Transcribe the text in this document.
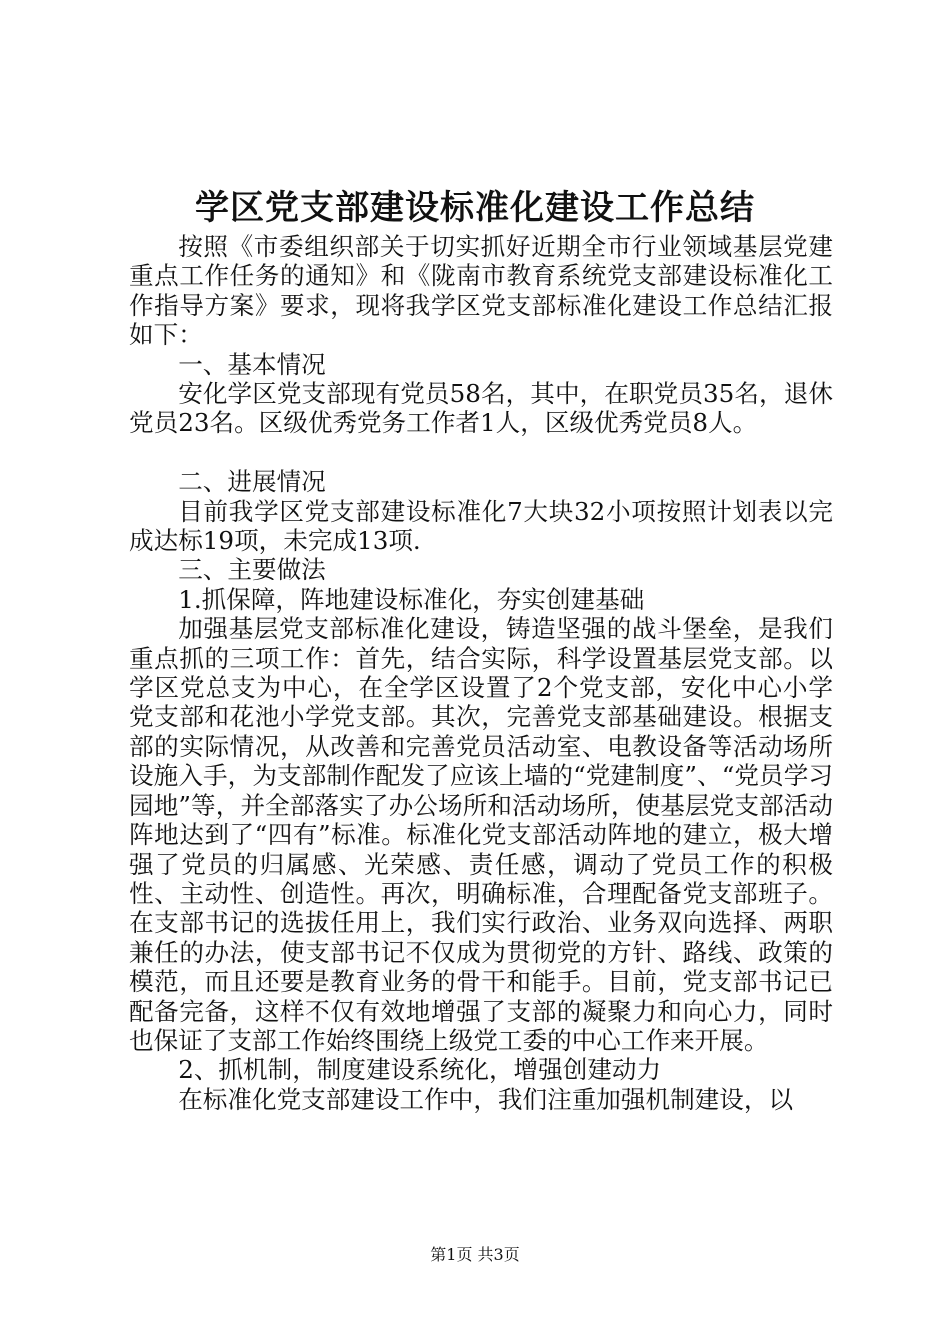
学区党支部建设标准化建设工作总结

按照《市委组织部关于切实抓好近期全市行业领域基层党建重点工作任务的通知》和《陇南市教育系统党支部建设标准化工作指导方案》要求，现将我学区党支部标准化建设工作总结汇报如下：

一、基本情况

安化学区党支部现有党员58名，其中，在职党员35名，退休党员23名。区级优秀党务工作者1人，区级优秀党员8人。

二、进展情况

目前我学区党支部建设标准化7大块32小项按照计划表以完成达标19项，未完成13项.

三、主要做法

1.抓保障，阵地建设标准化，夯实创建基础

加强基层党支部标准化建设，铸造坚强的战斗堡垒，是我们重点抓的三项工作：首先，结合实际，科学设置基层党支部。以学区党总支为中心，在全学区设置了2个党支部，安化中心小学党支部和花池小学党支部。其次，完善党支部基础建设。根据支部的实际情况，从改善和完善党员活动室、电教设备等活动场所设施入手，为支部制作配发了应该上墙的“党建制度”、“党员学习园地”等，并全部落实了办公场所和活动场所，使基层党支部活动阵地达到了“四有”标准。标准化党支部活动阵地的建立，极大增强了党员的归属感、光荣感、责任感，调动了党员工作的积极性、主动性、创造性。再次，明确标准，合理配备党支部班子。在支部书记的选拔任用上，我们实行政治、业务双向选择、两职兼任的办法，使支部书记不仅成为贯彻党的方针、路线、政策的模范，而且还要是教育业务的骨干和能手。目前，党支部书记已配备完备，这样不仅有效地增强了支部的凝聚力和向心力，同时也保证了支部工作始终围绕上级党工委的中心工作来开展。

2、抓机制，制度建设系统化，增强创建动力

在标准化党支部建设工作中，我们注重加强机制建设，以

第1页 共3页
